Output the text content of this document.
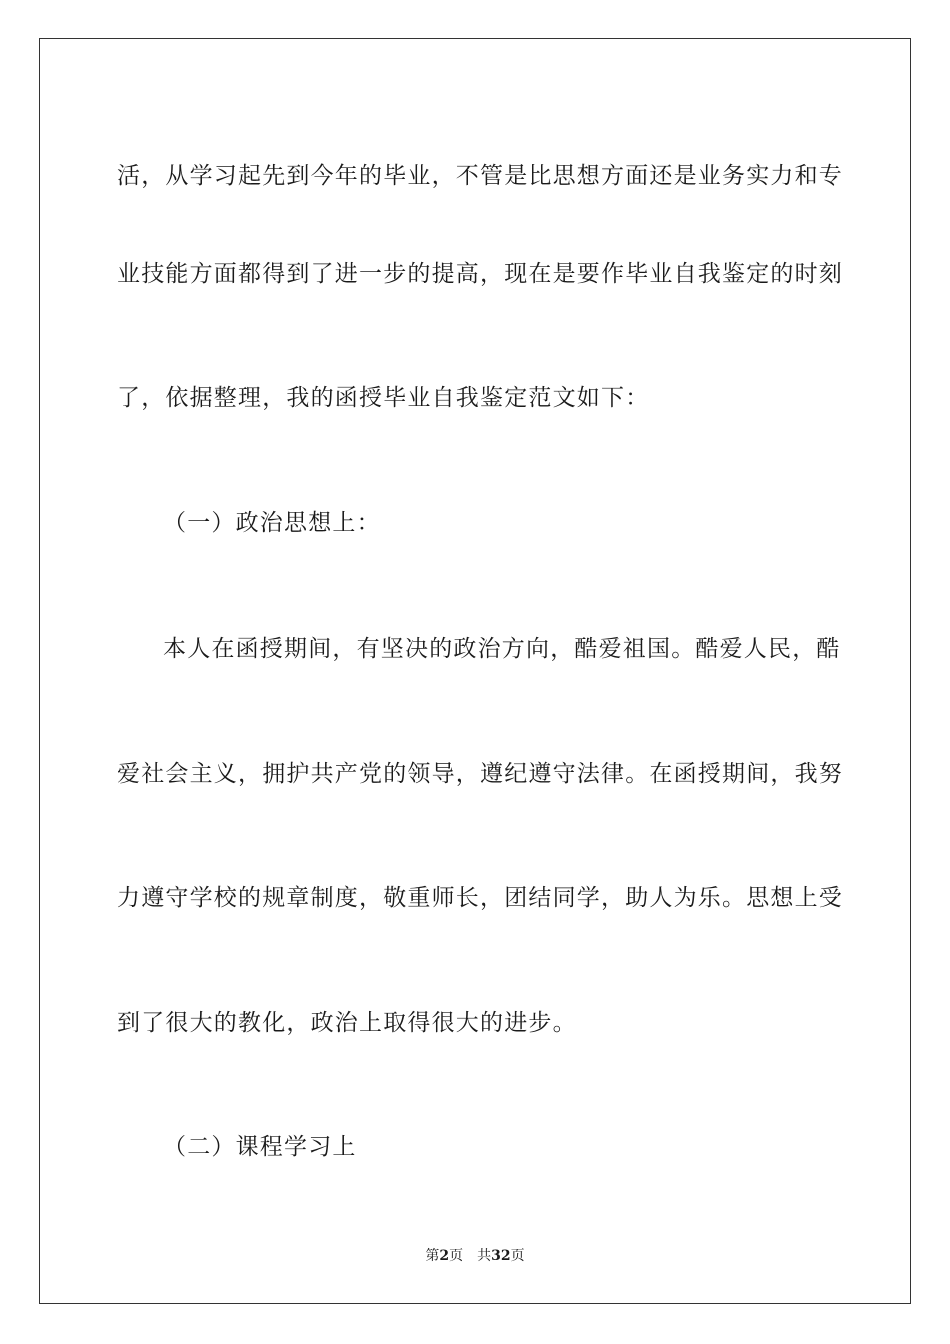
活，从学习起先到今年的毕业，不管是比思想方面还是业务实力和专
业技能方面都得到了进一步的提高，现在是要作毕业自我鉴定的时刻
了，依据整理，我的函授毕业自我鉴定范文如下：
（一）政治思想上：
本人在函授期间，有坚决的政治方向，酷爱祖国。酷爱人民，酷
爱社会主义，拥护共产党的领导，遵纪遵守法律。在函授期间，我努
力遵守学校的规章制度，敬重师长，团结同学，助人为乐。思想上受
到了很大的教化，政治上取得很大的进步。
（二）课程学习上
第2页 共32页
